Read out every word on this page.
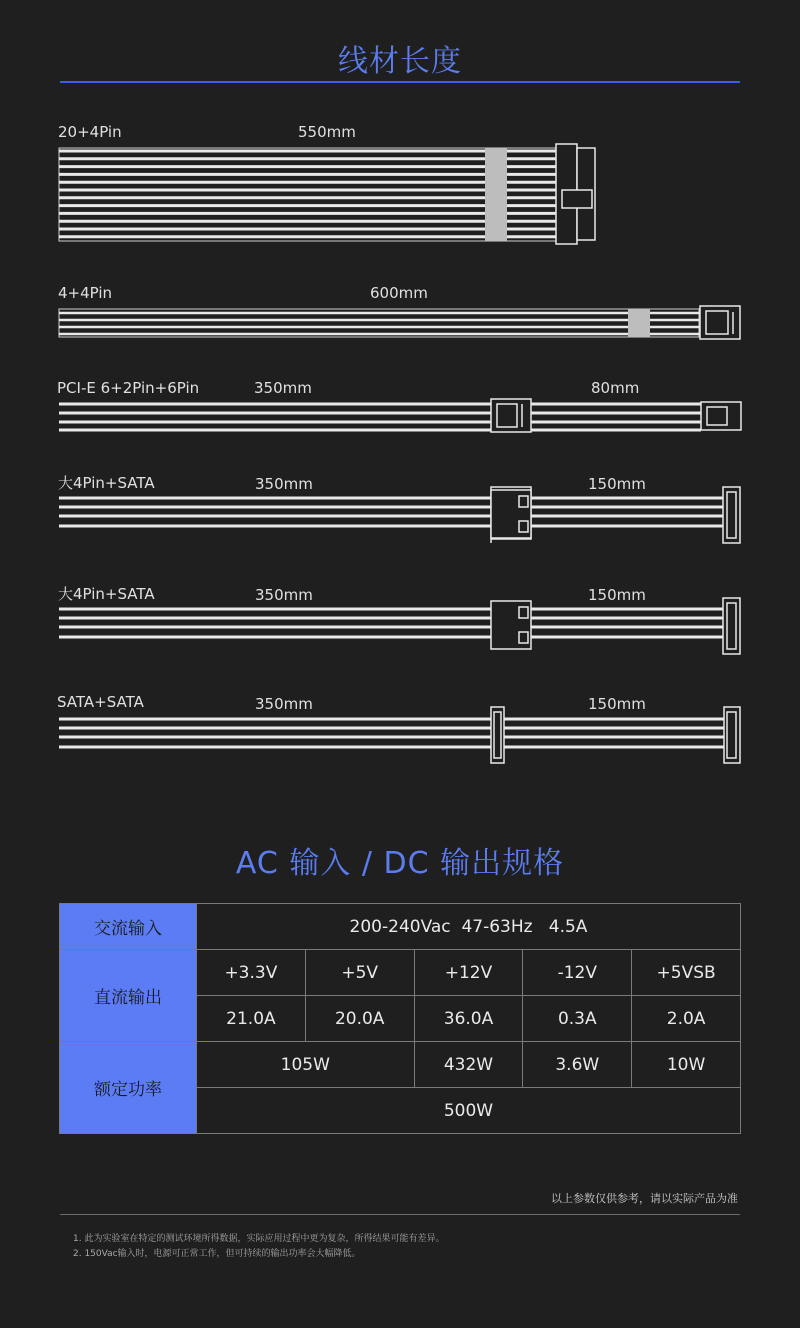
线材长度
20+4Pin	550mm
4+4Pin	600mm
PCI-E 6+2Pin+6Pin	350mm	80mm
大4Pin+SATA	350mm	150mm
大4Pin+SATA	350mm	150mm
SATA+SATA	350mm	150mm
AC 输入 / DC 输出规格
交流输入	200-240Vac  47-63Hz   4.5A				
直流输出	+3.3V	+5V	+12V	-12V	+5VSB
	21.0A	20.0A	36.0A	0.3A	2.0A
额定功率	105W		432W	3.6W	10W
	500W				
以上参数仅供参考，请以实际产品为准
1. 此为实验室在特定的测试环境所得数据，实际应用过程中更为复杂，所得结果可能有差异。
2. 150Vac输入时，电源可正常工作，但可持续的输出功率会大幅降低。
